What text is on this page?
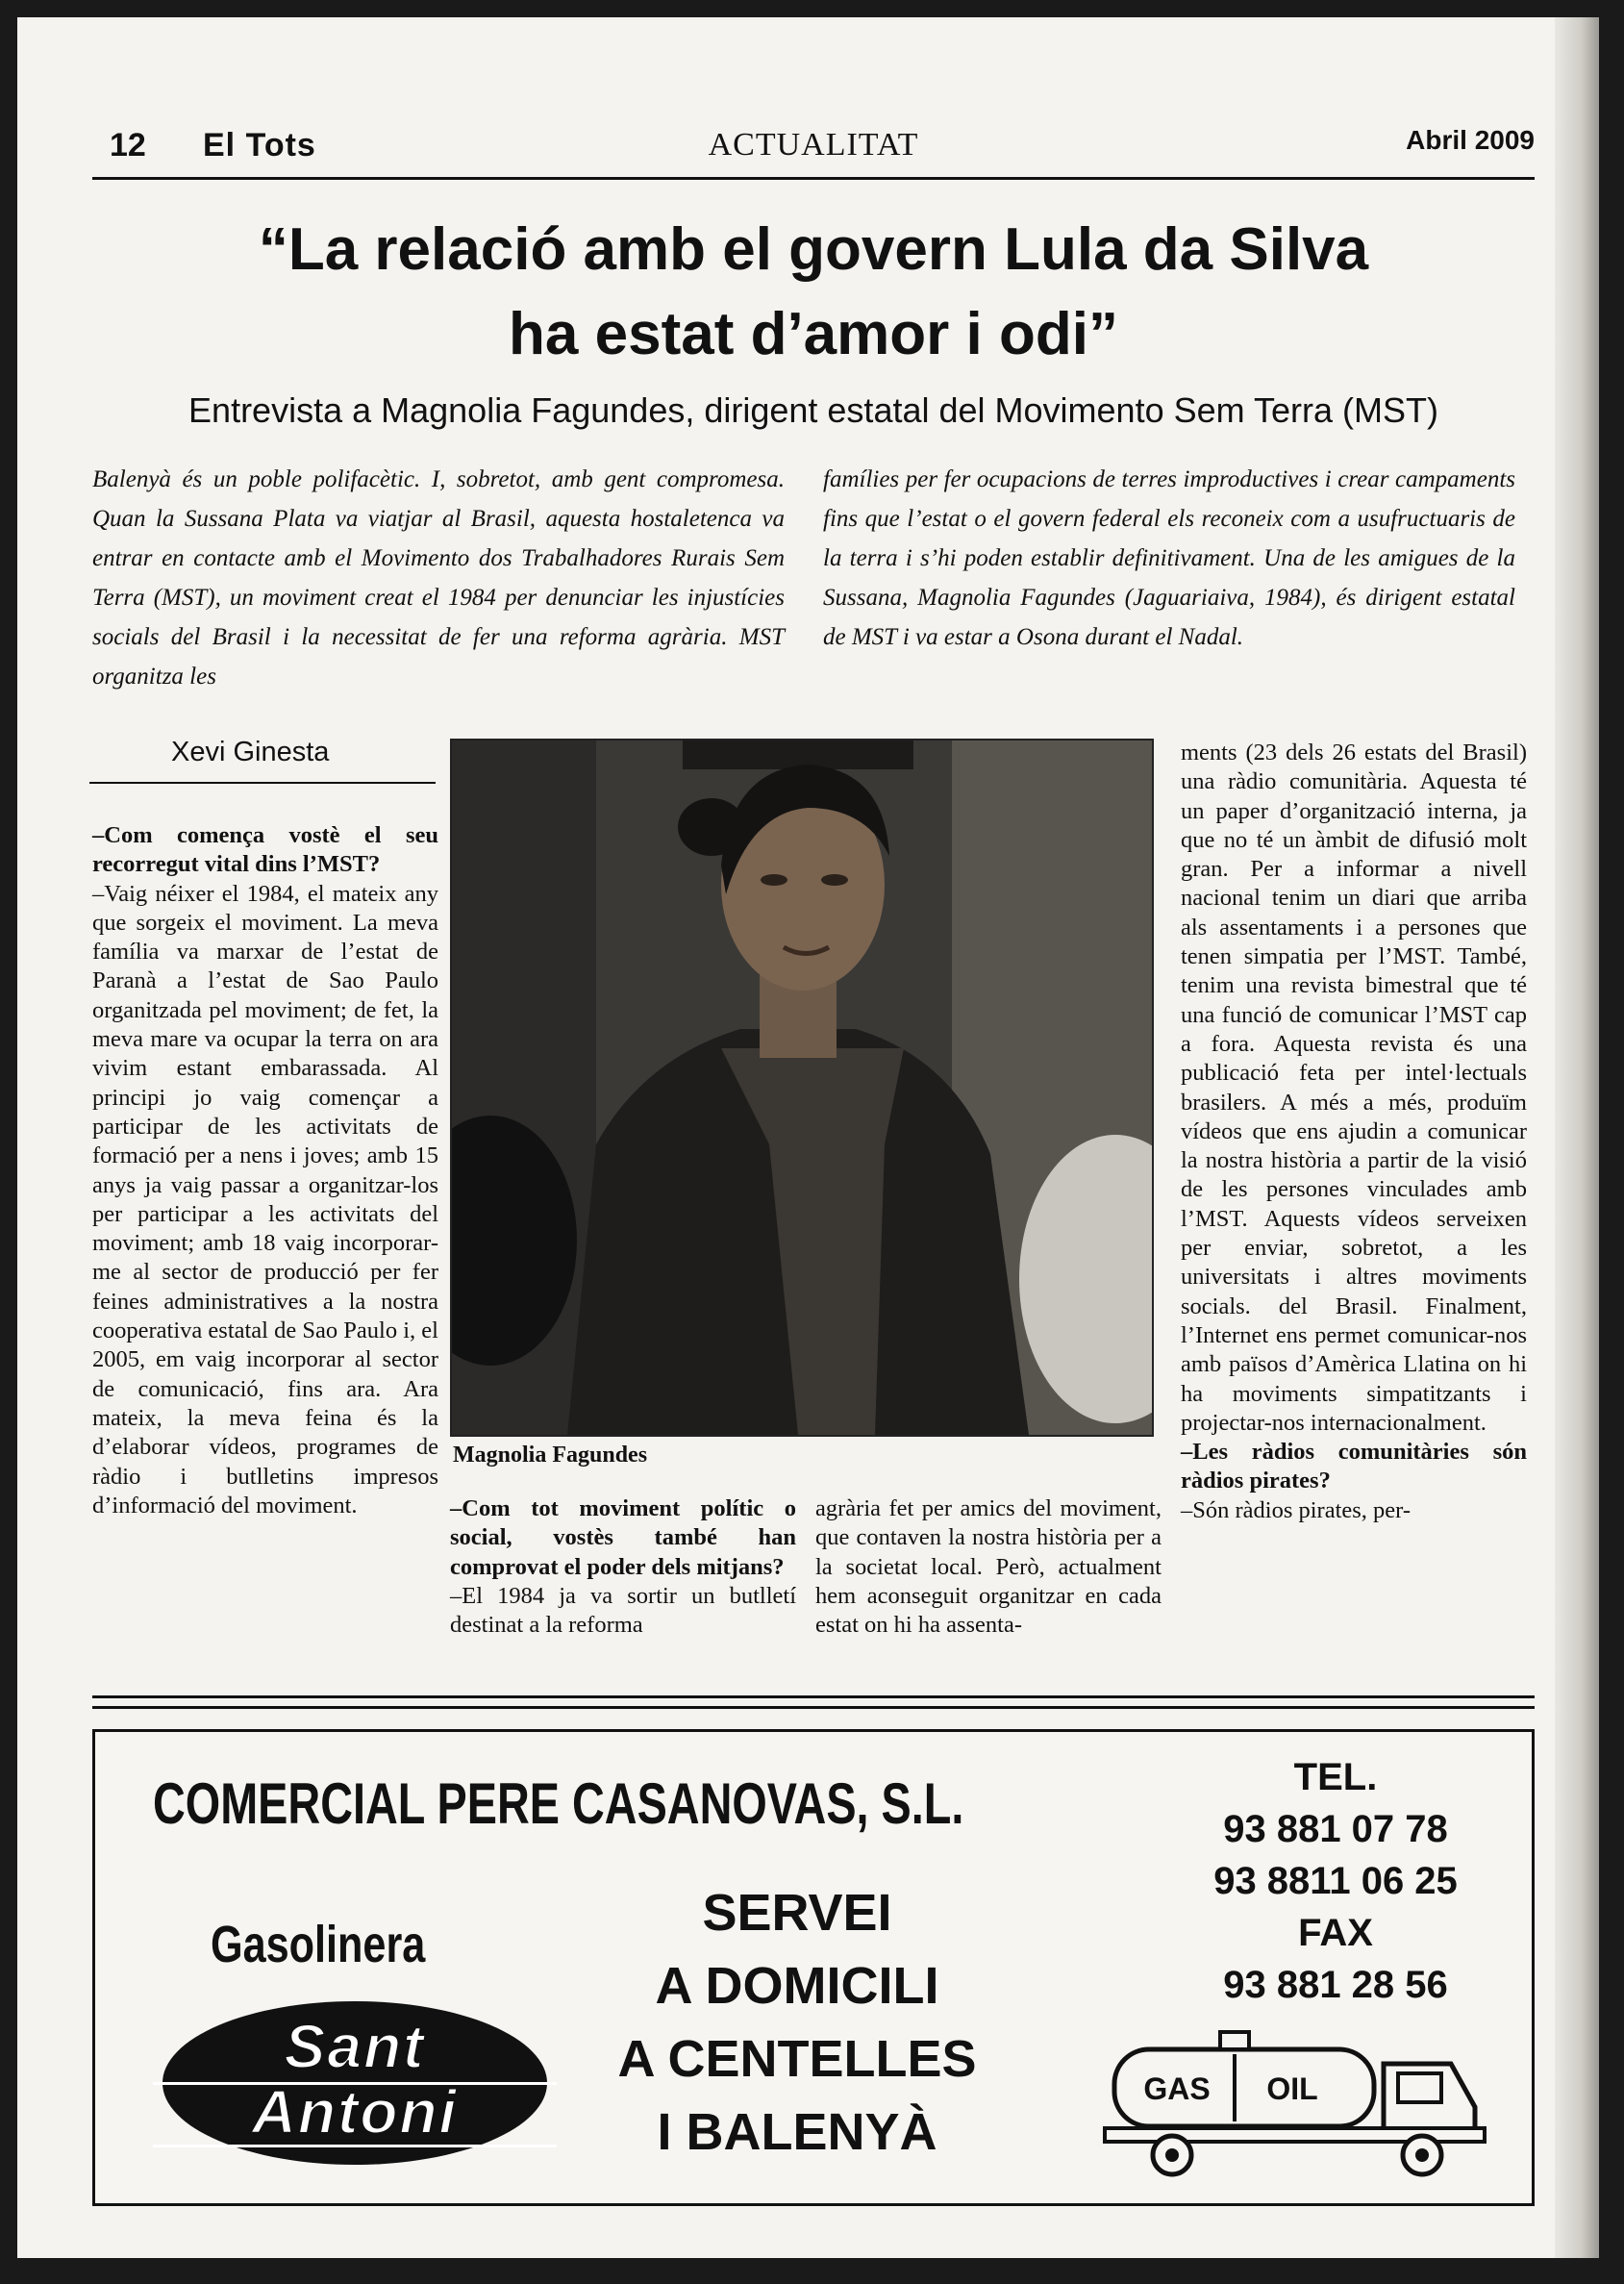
12 El Tots	ACTUALITAT	Abril 2009
“La relació amb el govern Lula da Silva
ha estat d’amor i odi”

Entrevista a Magnolia Fagundes, dirigent estatal del Movimento Sem Terra (MST)

Balenyà és un poble polifacètic. I, sobretot, amb gent compromesa. Quan la Sussana Plata va viatjar al Brasil, aquesta hostaletenca va entrar en contacte amb el Movimento dos Trabalhadores Rurais Sem Terra (MST), un moviment creat el 1984 per denunciar les injustícies socials del Brasil i la necessitat de fer una reforma agrària. MST organitza les

famílies per fer ocupacions de terres improductives i crear campaments fins que l’estat o el govern federal els reconeix com a usufructuaris de la terra i s’hi poden establir definitivament. Una de les amigues de la Sussana, Magnolia Fagundes (Jaguariaiva, 1984), és dirigent estatal de MST i va estar a Osona durant el Nadal.

Xevi Ginesta

–Com comença vostè el seu recorregut vital dins l’MST?

–Vaig néixer el 1984, el mateix any que sorgeix el moviment. La meva família va marxar de l’estat de Paranà a l’estat de Sao Paulo organitzada pel moviment; de fet, la meva mare va ocupar la terra on ara vivim estant embarassada. Al principi jo vaig començar a participar de les activitats de formació per a nens i joves; amb 15 anys ja vaig passar a organitzar-los per participar a les activitats del moviment; amb 18 vaig incorporar-me al sector de producció per fer feines administratives a la nostra cooperativa estatal de Sao Paulo i, el 2005, em vaig incorporar al sector de comunicació, fins ara. Ara mateix, la meva feina és la d’elaborar vídeos, programes de ràdio i butlletins impresos d’informació del moviment.

Magnolia Fagundes

–Com tot moviment polític o social, vostès també han comprovat el poder dels mitjans?

–El 1984 ja va sortir un butlletí destinat a la reforma

agrària fet per amics del moviment, que contaven la nostra història per a la societat local. Però, actualment hem aconseguit organitzar en cada estat on hi ha assenta-

ments (23 dels 26 estats del Brasil) una ràdio comunitària. Aquesta té un paper d’organització interna, ja que no té un àmbit de difusió molt gran. Per a informar a nivell nacional tenim un diari que arriba als assentaments i a persones que tenen simpatia per l’MST. També, tenim una revista bimestral que té una funció de comunicar l’MST cap a fora. Aquesta revista és una publicació feta per intel·lectuals brasilers. A més a més, produïm vídeos que ens ajudin a comunicar la nostra història a partir de la visió de les persones vinculades amb l’MST. Aquests vídeos serveixen per enviar, sobretot, a les universitats i altres moviments socials. del Brasil. Finalment, l’Internet ens permet comunicar-nos amb països d’Amèrica Llatina on hi ha moviments simpatitzants i projectar-nos internacionalment.

–Les ràdios comunitàries són ràdios pirates?

–Són ràdios pirates, per-

COMERCIAL PERE CASANOVAS, S.L.
Gasolinera
Sant
Antoni
SERVEI
A DOMICILI
A CENTELLES
I BALENYÀ
TEL.
93 881 07 78
93 8811 06 25
FAX
93 881 28 56
GAS OIL
